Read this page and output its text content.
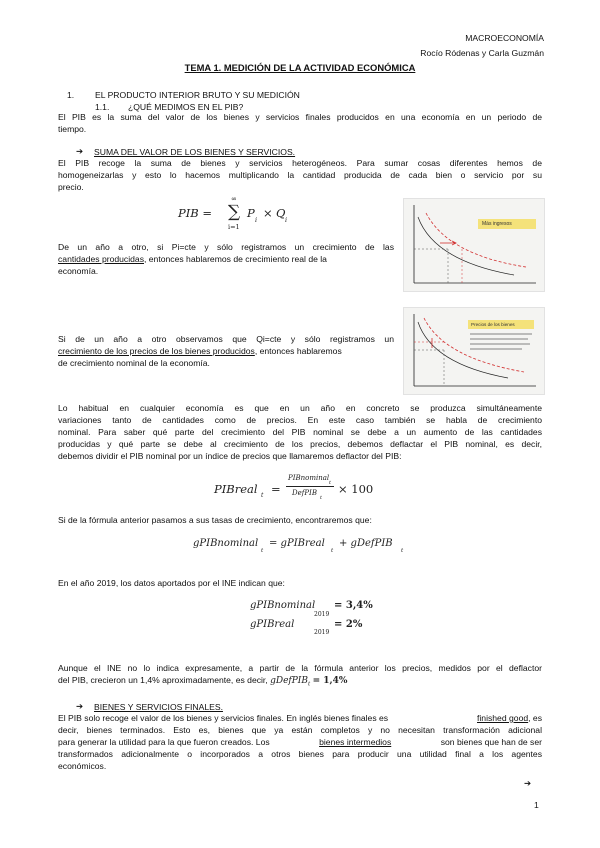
MACROECONOMÍA
Rocío Ródenas y Carla Guzmán
TEMA 1. MEDICIÓN DE LA ACTIVIDAD ECONÓMICA
1. EL PRODUCTO INTERIOR BRUTO Y SU MEDICIÓN
1.1. ¿QUÉ MEDIMOS EN EL PIB?
El PIB es la suma del valor de los bienes y servicios finales producidos en una economía en un periodo de
tiempo.
➔ SUMA DEL VALOR DE LOS BIENES Y SERVICIOS.
El PIB recoge la suma de bienes y servicios heterogéneos. Para sumar cosas diferentes hemos de
homogeneizarlas y esto lo hacemos multiplicando la cantidad producida de cada bien o servicio por su
precio.
PIB =
∞
∑
i=1
P i × Q i
De un año a otro, si Pi=cte y sólo registramos un crecimiento de las
cantidades producidas, entonces hablaremos de crecimiento real de la
economía.
Más ingresos
Si de un año a otro observamos que Qi=cte y sólo registramos un
crecimiento de los precios de los bienes producidos, entonces hablaremos
de crecimiento nominal de la economía.
Precios de los bienes
Lo habitual en cualquier economía es que en un año en concreto se produzca simultáneamente
variaciones tanto de cantidades como de precios. En este caso también se habla de crecimiento
nominal. Para saber qué parte del crecimiento del PIB nominal se debe a un aumento de las cantidades
producidas y qué parte se debe al crecimiento de los precios, debemos deflactar el PIB nominal, es decir,
debemos dividir el PIB nominal por un índice de precios que llamaremos deflactor del PIB:
PIBreal t =
PIBnominal
t
DefPIB
t
× 100
Si de la fórmula anterior pasamos a sus tasas de crecimiento, encontraremos que:
gPIBnominal
t
= gPIBreal
t
+ gDefPIB
t
En el año 2019, los datos aportados por el INE indican que:
gPIBnominal
2019
= 3,4%
gPIBreal
2019
= 2%
Aunque el INE no lo indica expresamente, a partir de la fórmula anterior los precios, medidos por el deflactor
del PIB, crecieron un 1,4% aproximadamente, es decir, gDefPIB$_t$ = 1,4%
➔ BIENES Y SERVICIOS FINALES.
El PIB solo recoge el valor de los bienes y servicios finales. En inglés bienes finales es	finished good, es
decir, bienes terminados. Esto es, bienes que ya están completos y no necesitan transformación adicional
para generar la utilidad para la que fueron creados. Los	bienes intermedios	son bienes que han de ser
transformados adicionalmente o incorporados a otros bienes para producir una utilidad final a los agentes
económicos.
➔
1
